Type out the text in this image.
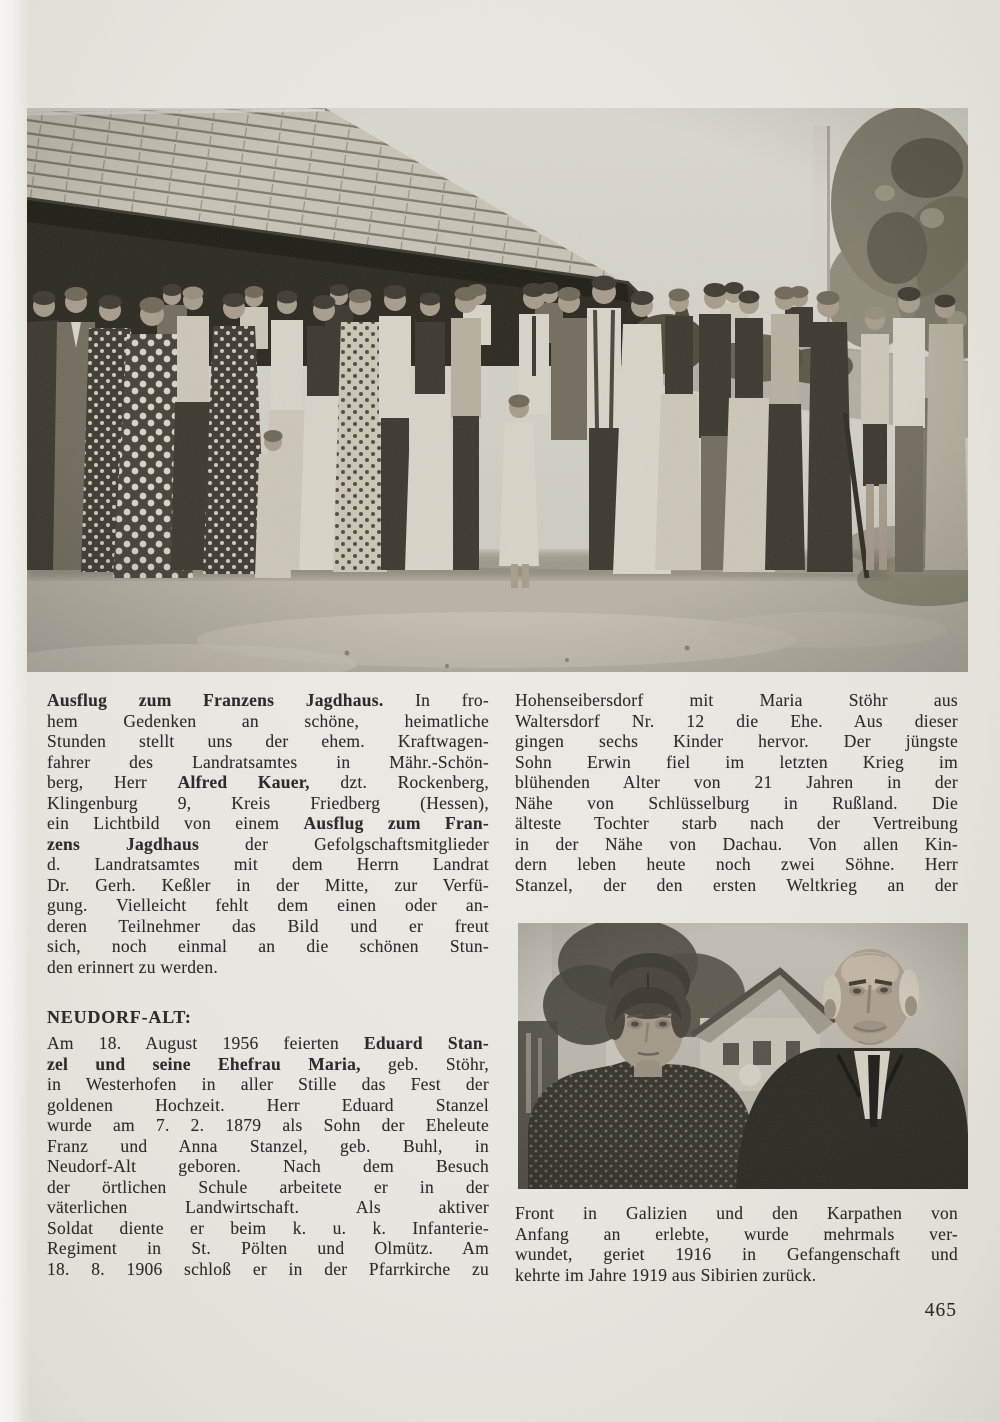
Ausflug zum Franzens Jagdhaus. In fro-
hem Gedenken an schöne, heimatliche
Stunden stellt uns der ehem. Kraftwagen-
fahrer des Landratsamtes in Mähr.-Schön-
berg, Herr Alfred Kauer, dzt. Rockenberg,
Klingenburg 9, Kreis Friedberg (Hessen),
ein Lichtbild von einem Ausflug zum Fran-
zens Jagdhaus der Gefolgschaftsmitglieder
d. Landratsamtes mit dem Herrn Landrat
Dr. Gerh. Keßler in der Mitte, zur Verfü-
gung. Vielleicht fehlt dem einen oder an-
deren Teilnehmer das Bild und er freut
sich, noch einmal an die schönen Stun-
den erinnert zu werden.
NEUDORF-ALT:
Am 18. August 1956 feierten Eduard Stan-
zel und seine Ehefrau Maria, geb. Stöhr,
in Westerhofen in aller Stille das Fest der
goldenen Hochzeit. Herr Eduard Stanzel
wurde am 7. 2. 1879 als Sohn der Eheleute
Franz und Anna Stanzel, geb. Buhl, in
Neudorf-Alt geboren. Nach dem Besuch
der örtlichen Schule arbeitete er in der
väterlichen Landwirtschaft. Als aktiver
Soldat diente er beim k. u. k. Infanterie-
Regiment in St. Pölten und Olmütz. Am
18. 8. 1906 schloß er in der Pfarrkirche zu
Hohenseibersdorf mit Maria Stöhr aus
Waltersdorf Nr. 12 die Ehe. Aus dieser
gingen sechs Kinder hervor. Der jüngste
Sohn Erwin fiel im letzten Krieg im
blühenden Alter von 21 Jahren in der
Nähe von Schlüsselburg in Rußland. Die
älteste Tochter starb nach der Vertreibung
in der Nähe von Dachau. Von allen Kin-
dern leben heute noch zwei Söhne. Herr
Stanzel, der den ersten Weltkrieg an der
Front in Galizien und den Karpathen von
Anfang an erlebte, wurde mehrmals ver-
wundet, geriet 1916 in Gefangenschaft und
kehrte im Jahre 1919 aus Sibirien zurück.
465
